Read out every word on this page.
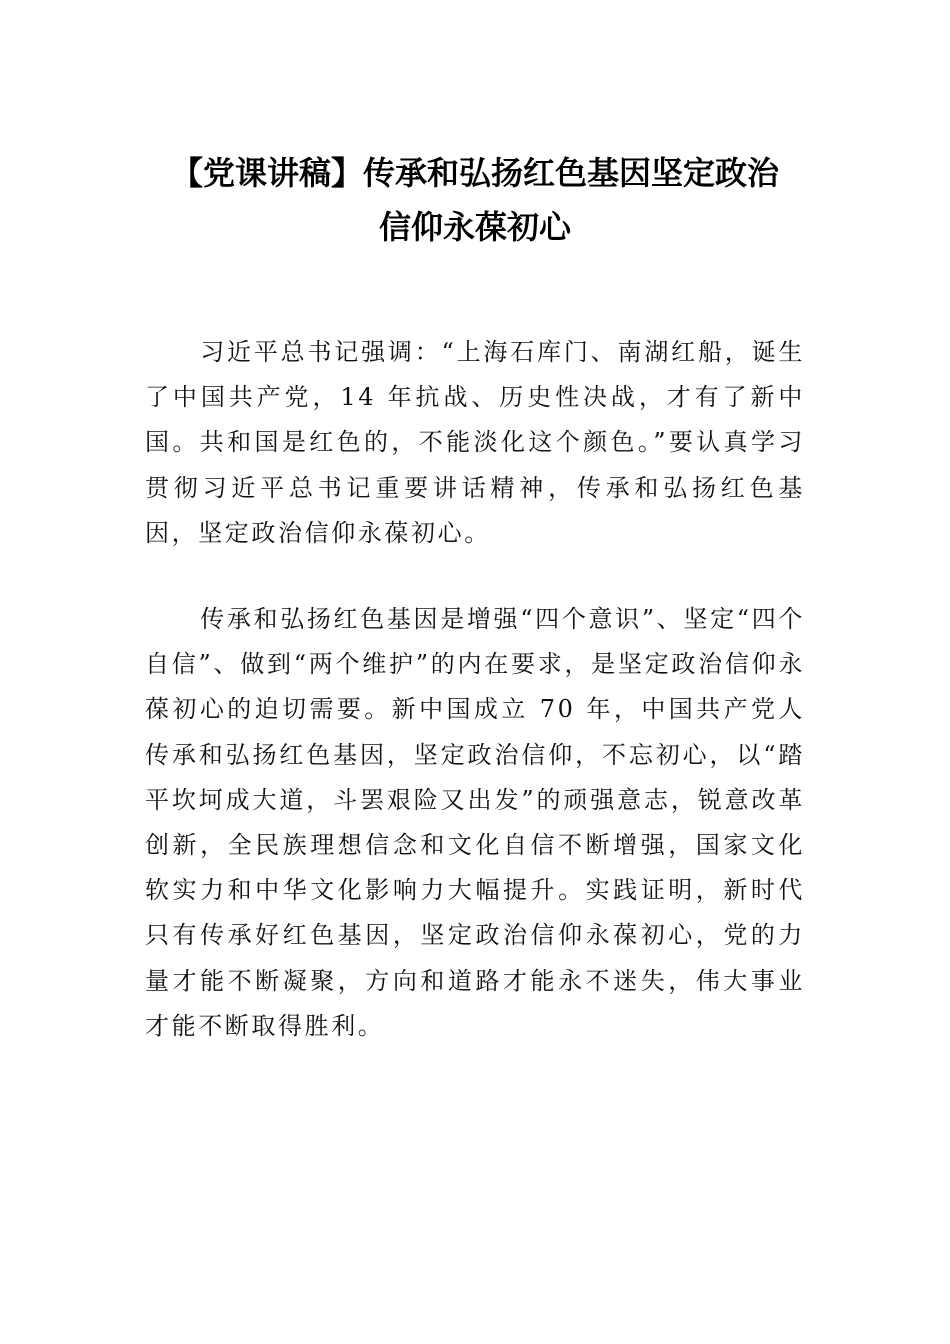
【党课讲稿】传承和弘扬红色基因坚定政治
信仰永葆初心

习近平总书记强调：“上海石库门、南湖红船，诞生了中国共产党，14 年抗战、历史性决战，才有了新中国。共和国是红色的，不能淡化这个颜色。”要认真学习贯彻习近平总书记重要讲话精神，传承和弘扬红色基因，坚定政治信仰永葆初心。

传承和弘扬红色基因是增强“四个意识”、坚定“四个自信”、做到“两个维护”的内在要求，是坚定政治信仰永葆初心的迫切需要。新中国成立 70 年，中国共产党人传承和弘扬红色基因，坚定政治信仰，不忘初心，以“踏平坎坷成大道，斗罢艰险又出发”的顽强意志，锐意改革创新，全民族理想信念和文化自信不断增强，国家文化软实力和中华文化影响力大幅提升。实践证明，新时代只有传承好红色基因，坚定政治信仰永葆初心，党的力量才能不断凝聚，方向和道路才能永不迷失，伟大事业才能不断取得胜利。
